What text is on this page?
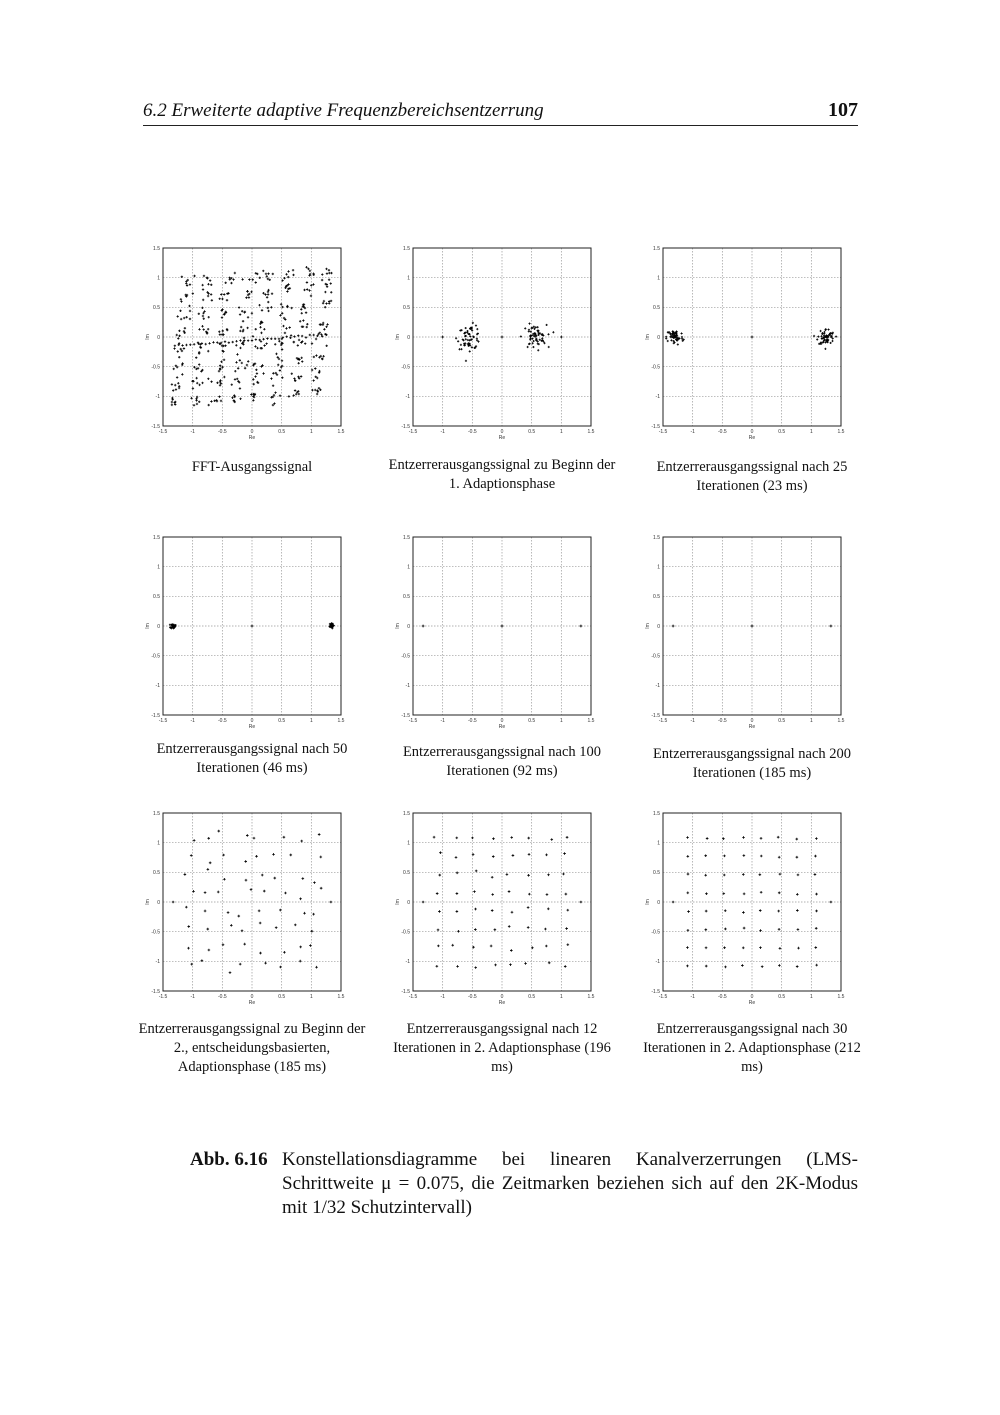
6.2 Erweiterte adaptive Frequenzbereichsentzerrung	107
-1.5
-1.5
-1
-1
-0.5
-0.5
0
0
0.5
0.5
1
1
1.5
1.5
Re
Im
FFT-Ausgangssignal
-1.5
-1.5
-1
-1
-0.5
-0.5
0
0
0.5
0.5
1
1
1.5
1.5
Re
Im
Entzerrerausgangssignal zu Beginn der 1. Adaptionsphase
-1.5
-1.5
-1
-1
-0.5
-0.5
0
0
0.5
0.5
1
1
1.5
1.5
Re
Im
Entzerrerausgangssignal nach 25 Iterationen (23 ms)
-1.5
-1.5
-1
-1
-0.5
-0.5
0
0
0.5
0.5
1
1
1.5
1.5
Re
Im
Entzerrerausgangssignal nach 50 Iterationen (46 ms)
-1.5
-1.5
-1
-1
-0.5
-0.5
0
0
0.5
0.5
1
1
1.5
1.5
Re
Im
Entzerrerausgangssignal nach 100 Iterationen (92 ms)
-1.5
-1.5
-1
-1
-0.5
-0.5
0
0
0.5
0.5
1
1
1.5
1.5
Re
Im
Entzerrerausgangssignal nach 200 Iterationen (185 ms)
-1.5
-1.5
-1
-1
-0.5
-0.5
0
0
0.5
0.5
1
1
1.5
1.5
Re
Im
Entzerrerausgangssignal zu Beginn der 2., entscheidungsbasierten, Adaptionsphase (185 ms)
-1.5
-1.5
-1
-1
-0.5
-0.5
0
0
0.5
0.5
1
1
1.5
1.5
Re
Im
Entzerrerausgangssignal nach 12 Iterationen in 2. Adaptionsphase (196 ms)
-1.5
-1.5
-1
-1
-0.5
-0.5
0
0
0.5
0.5
1
1
1.5
1.5
Re
Im
Entzerrerausgangssignal nach 30 Iterationen in 2. Adaptionsphase (212 ms)
Abb. 6.16 Konstellationsdiagramme bei linearen Kanalverzerrungen (LMS-Schrittweite μ = 0.075, die Zeitmarken beziehen sich auf den 2K-Modus mit 1/32 Schutzintervall)
